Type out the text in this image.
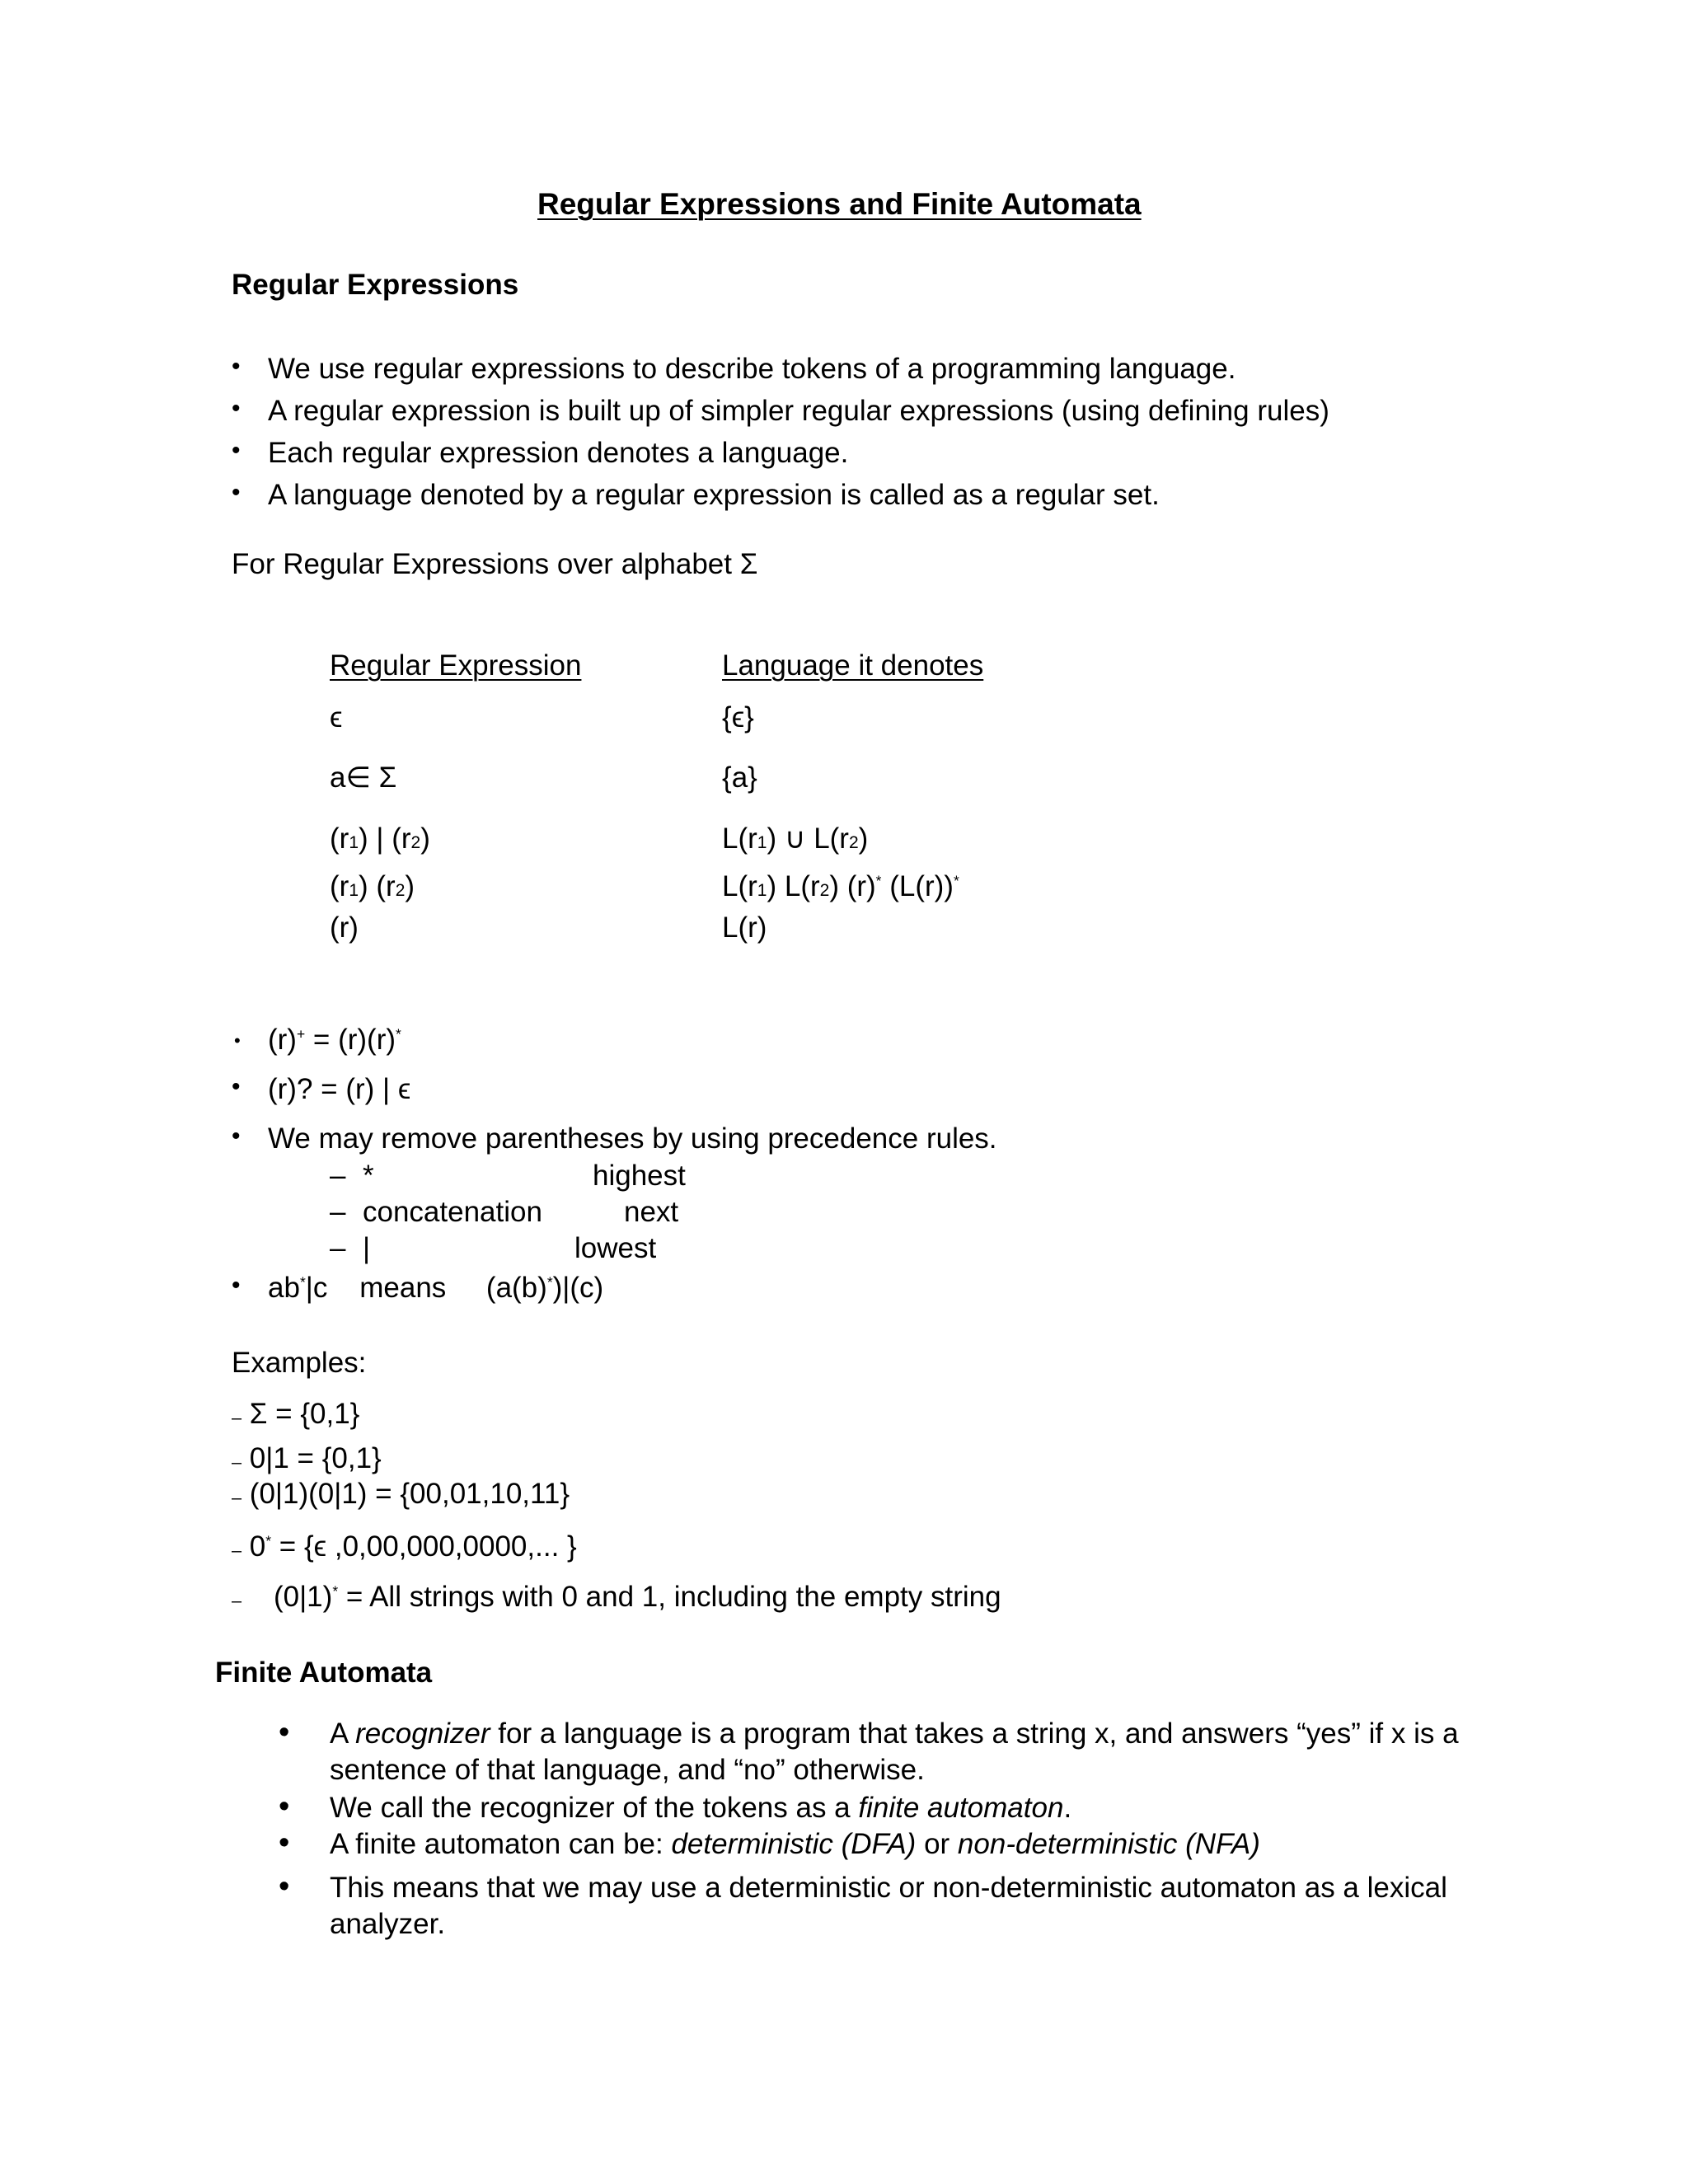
Regular Expressions and Finite Automata
Regular Expressions
• We use regular expressions to describe tokens of a programming language.
• A regular expression is built up of simpler regular expressions (using defining rules)
• Each regular expression denotes a language.
• A language denoted by a regular expression is called as a regular set.
For Regular Expressions over alphabet Σ
Regular Expression	Language it denotes
ϵ	{ϵ}
a∈ Σ	{a}
(r1) | (r2)	L(r1) ∪ L(r2)
(r1) (r2)	L(r1) L(r2) (r)* (L(r))*
(r)	L(r)
• (r)+ = (r)(r)*
• (r)? = (r) | ϵ
• We may remove parentheses by using precedence rules.
– *	highest
– concatenation	next
– |	lowest
• ab*|c    means     (a(b)*)|(c)
Examples:
– Σ = {0,1}
– 0|1 = {0,1}
– (0|1)(0|1) = {00,01,10,11}
– 0* = {ϵ ,0,00,000,0000,... }
– (0|1)* = All strings with 0 and 1, including the empty string
Finite Automata
• A recognizer for a language is a program that takes a string x, and answers “yes” if x is a
sentence of that language, and “no” otherwise.
• We call the recognizer of the tokens as a finite automaton.
• A finite automaton can be: deterministic (DFA) or non-deterministic (NFA)
• This means that we may use a deterministic or non-deterministic automaton as a lexical
analyzer.
